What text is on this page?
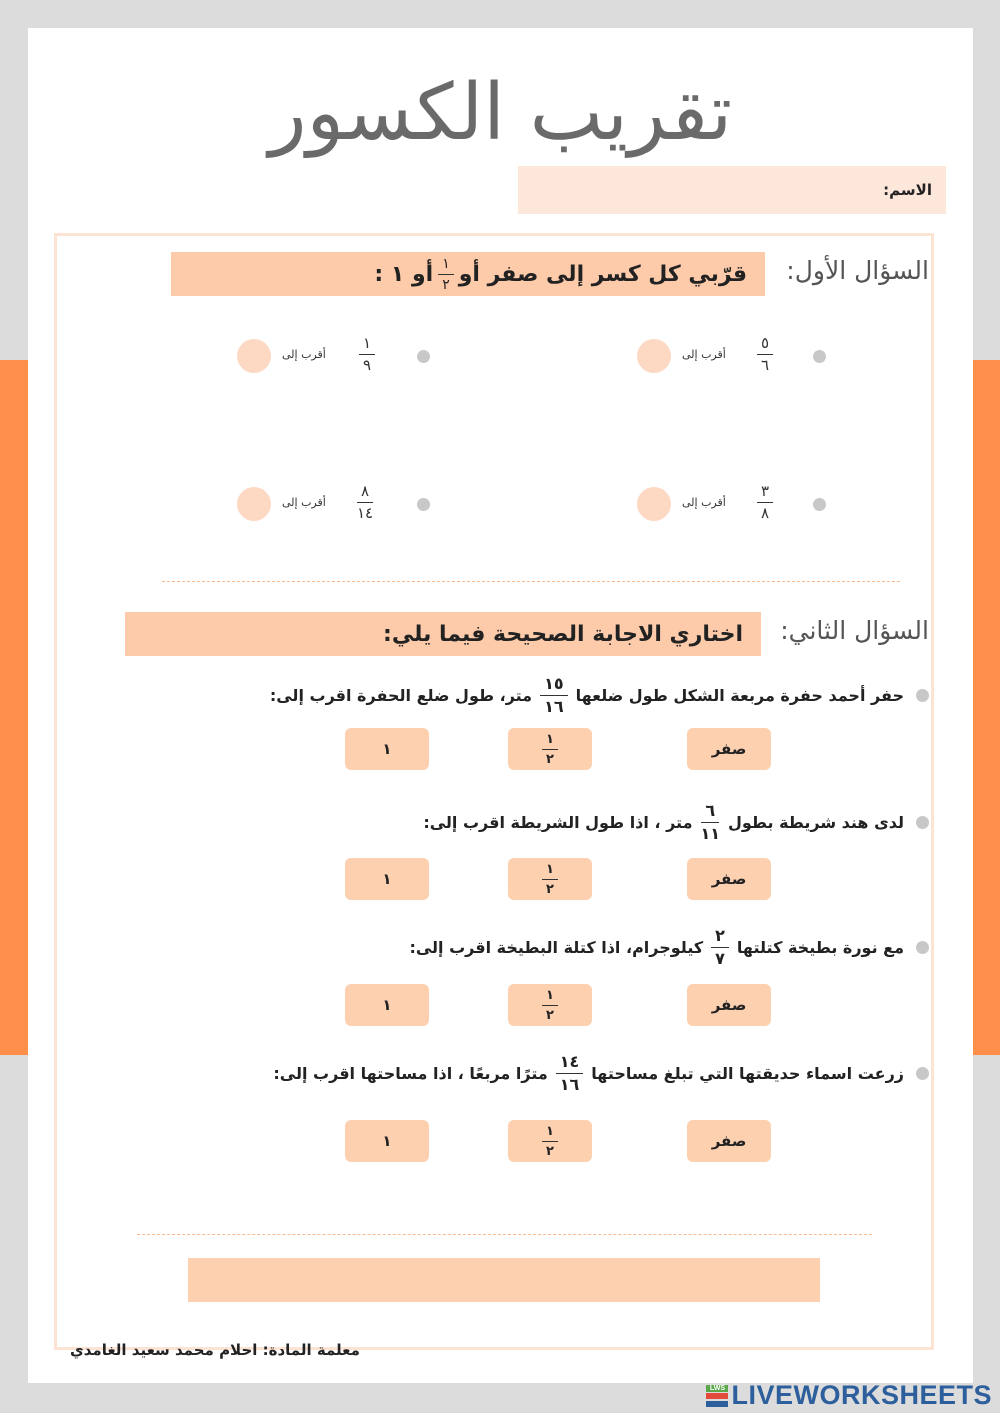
تقريب الكسور
الاسم:
السؤال الأول:
قرّبي كل كسر إلى صفر أو
$\frac{١}{٢}$
أو ١ :
٥
٦
أقرب إلى
١
٩
أقرب إلى
٣
٨
أقرب إلى
٨
١٤
أقرب إلى
السؤال الثاني:
اختاري الاجابة الصحيحة فيما يلي:
حفر أحمد حفرة مربعة الشكل طول ضلعها
$\frac{١٥}{١٦}$
متر، طول ضلع الحفرة اقرب إلى:
صفر
$\frac{١}{٢}$
١
لدى هند شريطة بطول
$\frac{٦}{١١}$
متر ، اذا طول الشريطة اقرب إلى:
صفر
$\frac{١}{٢}$
١
مع نورة بطيخة كتلتها
$\frac{٢}{٧}$
كيلوجرام، اذا كتلة البطيخة اقرب إلى:
صفر
$\frac{١}{٢}$
١
زرعت اسماء حديقتها التي تبلغ مساحتها
$\frac{١٤}{١٦}$
مترًا مربعًا ، اذا مساحتها اقرب إلى:
صفر
$\frac{١}{٢}$
١
معلمة المادة: احلام محمد سعيد الغامدي
LWS LIVEWORKSHEETS
